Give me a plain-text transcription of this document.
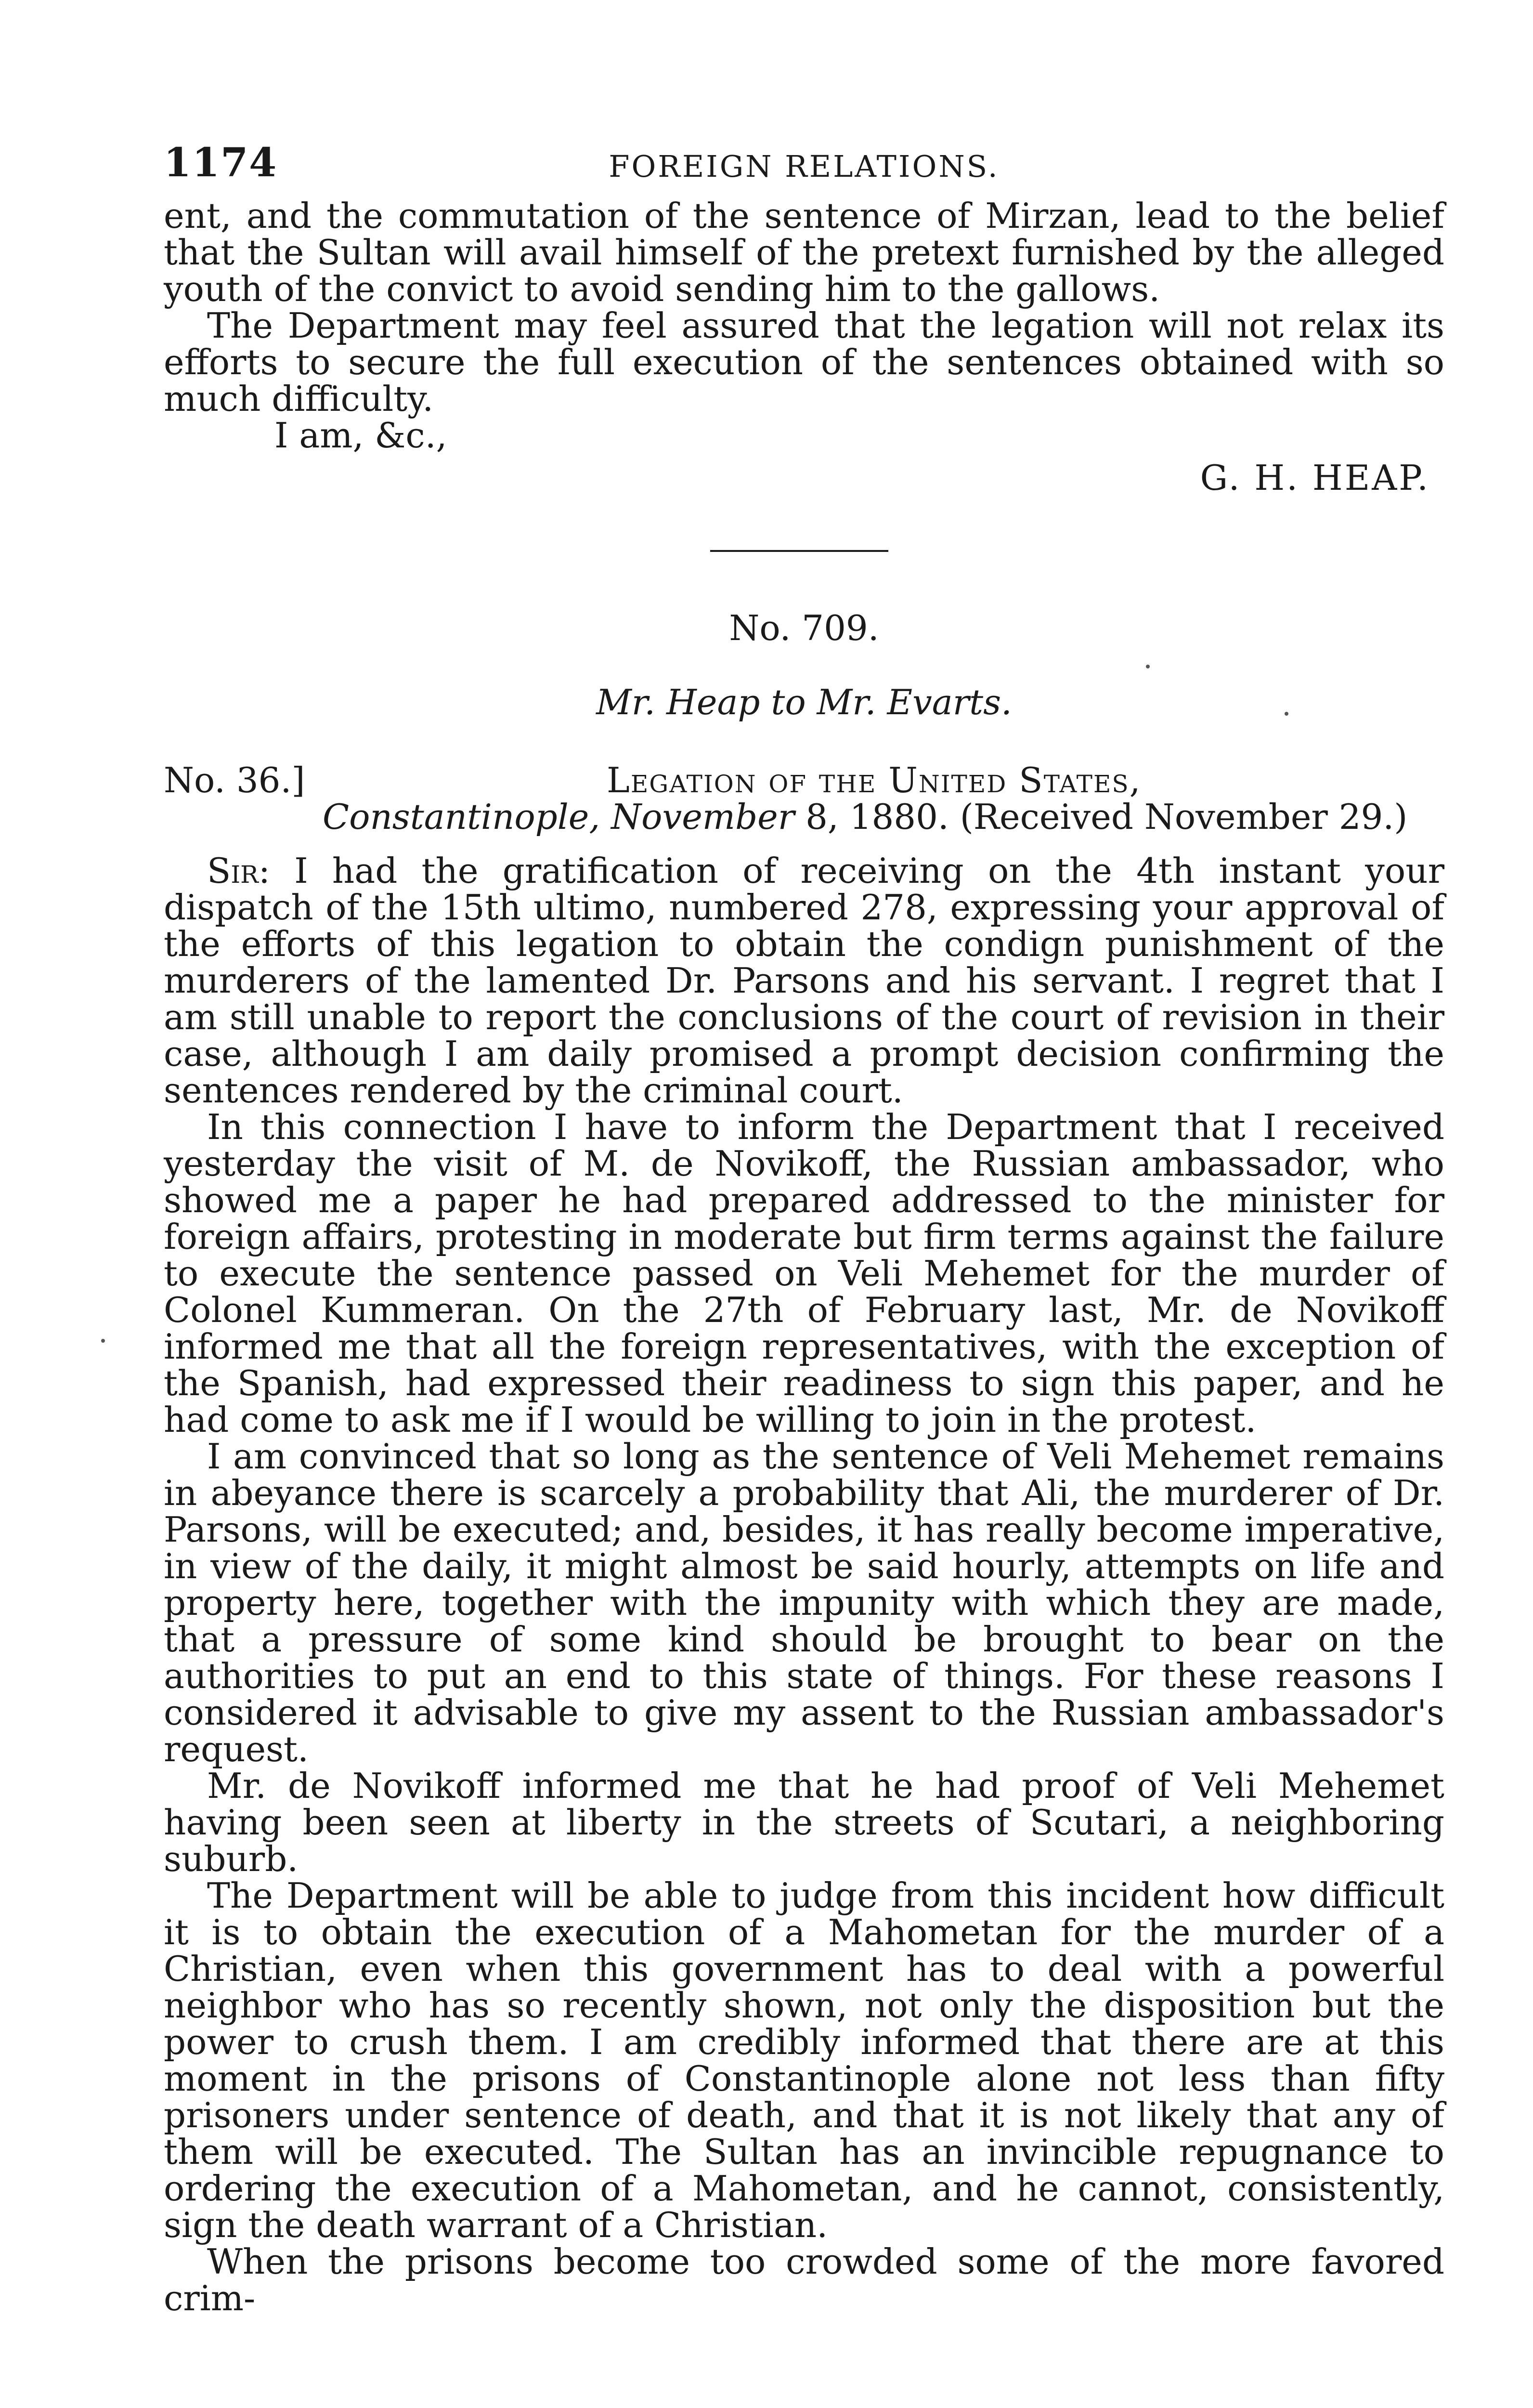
1174	FOREIGN RELATIONS.

ent, and the commutation of the sentence of Mirzan, lead to the belief that the Sultan will avail himself of the pretext furnished by the alleged youth of the convict to avoid sending him to the gallows.

The Department may feel assured that the legation will not relax its efforts to secure the full execution of the sentences obtained with so much difficulty.

I am, &c.,

G. H. HEAP.
No. 709.
Mr. Heap to Mr. Evarts.
No. 36.]	Legation of the United States,
Constantinople, November 8, 1880. (Received November 29.)

Sir: I had the gratification of receiving on the 4th instant your dispatch of the 15th ultimo, numbered 278, expressing your approval of the efforts of this legation to obtain the condign punishment of the murderers of the lamented Dr. Parsons and his servant. I regret that I am still unable to report the conclusions of the court of revision in their case, although I am daily promised a prompt decision confirming the sentences rendered by the criminal court.

In this connection I have to inform the Department that I received yesterday the visit of M. de Novikoff, the Russian ambassador, who showed me a paper he had prepared addressed to the minister for foreign affairs, protesting in moderate but firm terms against the failure to execute the sentence passed on Veli Mehemet for the murder of Colonel Kummeran. On the 27th of February last, Mr. de Novikoff informed me that all the foreign representatives, with the exception of the Spanish, had expressed their readiness to sign this paper, and he had come to ask me if I would be willing to join in the protest.

I am convinced that so long as the sentence of Veli Mehemet remains in abeyance there is scarcely a probability that Ali, the murderer of Dr. Parsons, will be executed; and, besides, it has really become imperative, in view of the daily, it might almost be said hourly, attempts on life and property here, together with the impunity with which they are made, that a pressure of some kind should be brought to bear on the authorities to put an end to this state of things. For these reasons I considered it advisable to give my assent to the Russian ambassador's request.

Mr. de Novikoff informed me that he had proof of Veli Mehemet having been seen at liberty in the streets of Scutari, a neighboring suburb.

The Department will be able to judge from this incident how difficult it is to obtain the execution of a Mahometan for the murder of a Christian, even when this government has to deal with a powerful neighbor who has so recently shown, not only the disposition but the power to crush them. I am credibly informed that there are at this moment in the prisons of Constantinople alone not less than fifty prisoners under sentence of death, and that it is not likely that any of them will be executed. The Sultan has an invincible repugnance to ordering the execution of a Mahometan, and he cannot, consistently, sign the death warrant of a Christian.

When the prisons become too crowded some of the more favored crim-
